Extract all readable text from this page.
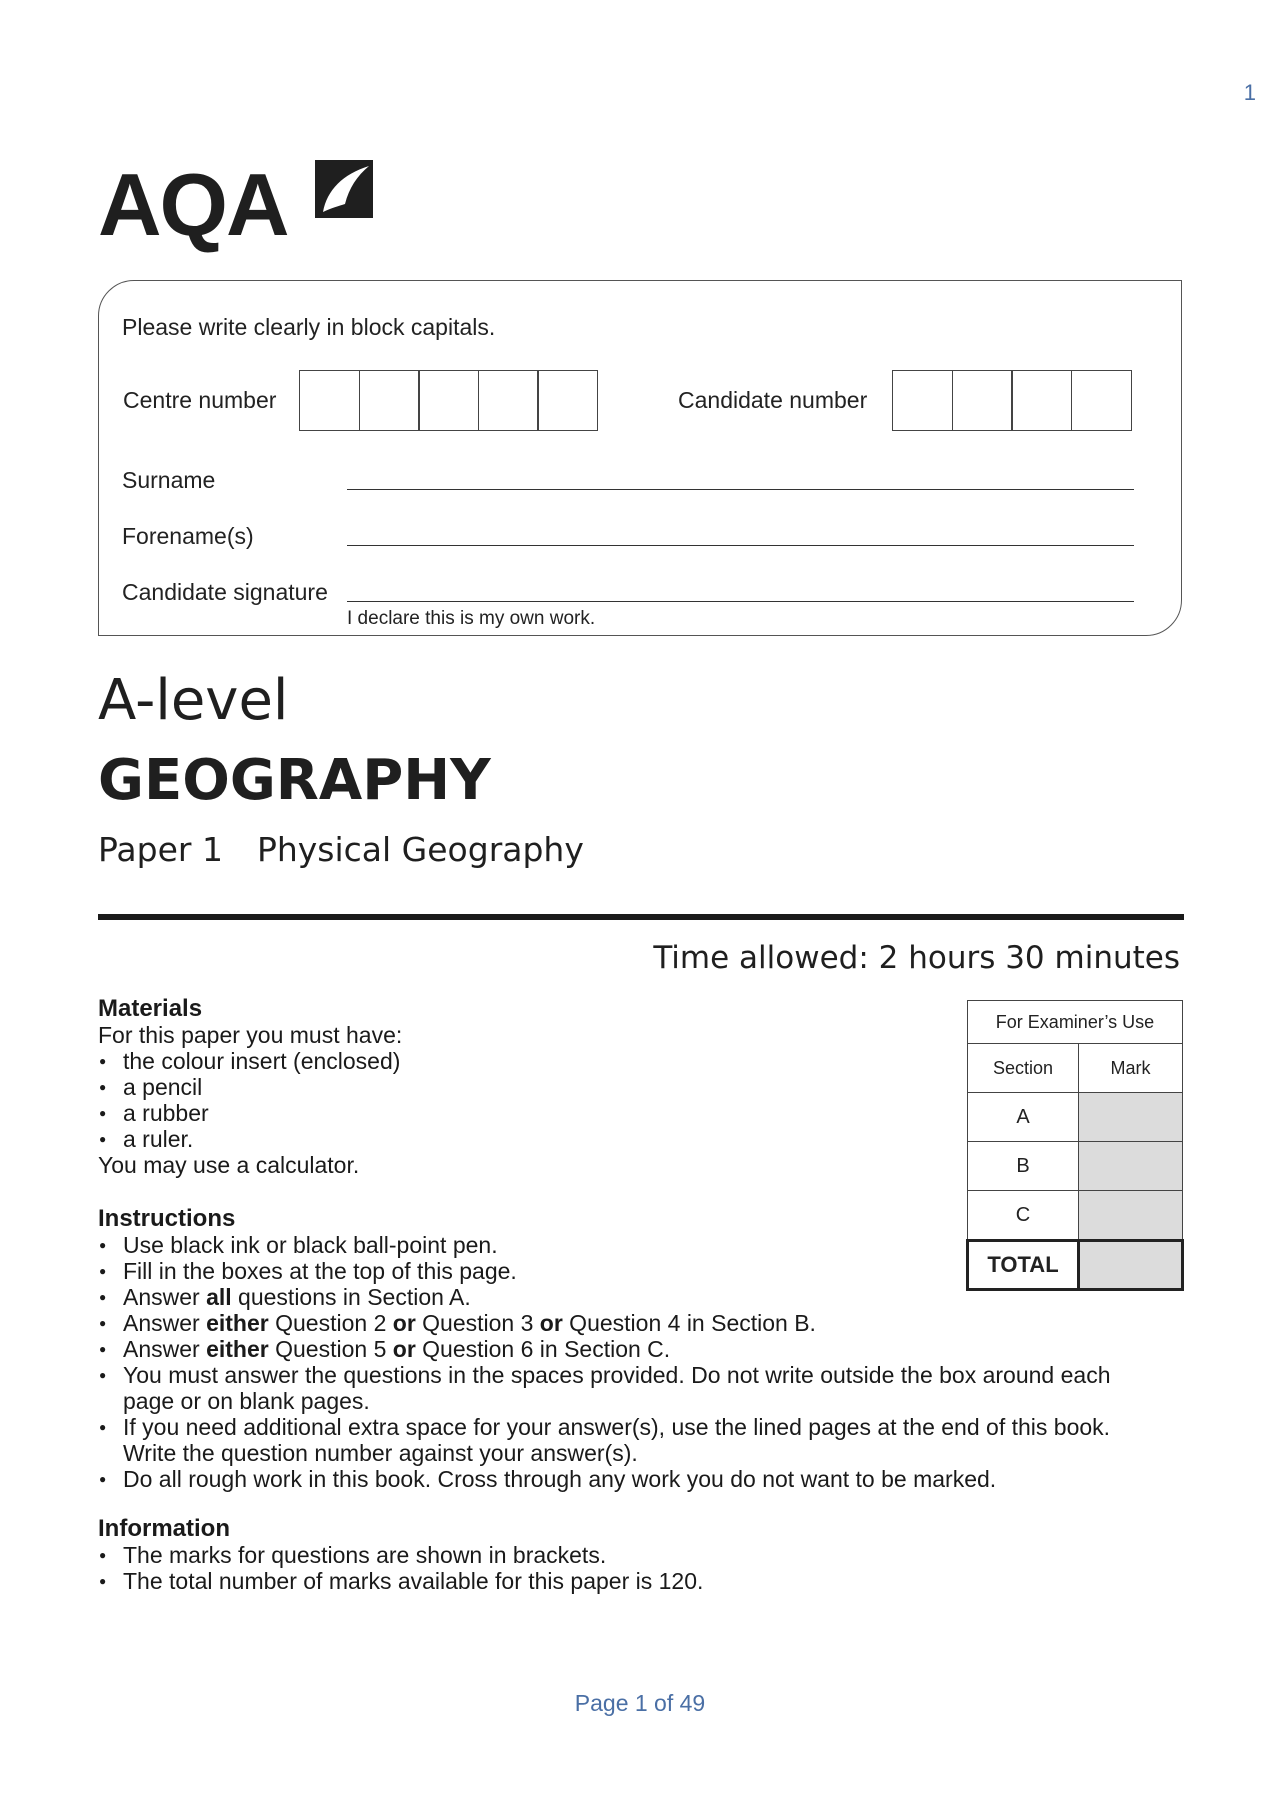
1
AQA
Please write clearly in block capitals.
Centre number	Candidate number
Surname
Forename(s)
Candidate signature
I declare this is my own work.
A-level
GEOGRAPHY
Paper 1 Physical Geography
Time allowed: 2 hours 30 minutes
Materials

For this paper you must have:

● the colour insert (enclosed)
● a pencil
● a rubber
● a ruler.

You may use a calculator.

Instructions
● Use black ink or black ball-point pen.
● Fill in the boxes at the top of this page.
● Answer all questions in Section A.
● Answer either Question 2 or Question 3 or Question 4 in Section B.
● Answer either Question 5 or Question 6 in Section C.
● You must answer the questions in the spaces provided. Do not write outside the box around each
page or on blank pages.
● If you need additional extra space for your answer(s), use the lined pages at the end of this book.
Write the question number against your answer(s).
● Do all rough work in this book. Cross through any work you do not want to be marked.
Information
● The marks for questions are shown in brackets.
● The total number of marks available for this paper is 120.
For Examiner’s Use	
Section	Mark
A	
B	
C	
TOTAL	
Page 1 of 49
